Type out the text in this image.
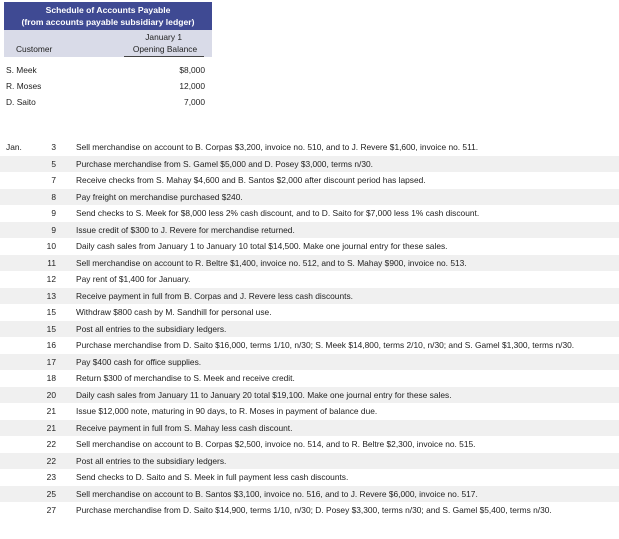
Schedule of Accounts Payable
(from accounts payable subsidiary ledger)
Customer
January 1
Opening Balance
S. Meek	$8,000
R. Moses	12,000
D. Saito	7,000
Jan.	3 Sell merchandise on account to B. Corpas $3,200, invoice no. 510, and to J. Revere $1,600, invoice no. 511.
5 Purchase merchandise from S. Gamel $5,000 and D. Posey $3,000, terms n/30.
7 Receive checks from S. Mahay $4,600 and B. Santos $2,000 after discount period has lapsed.
8 Pay freight on merchandise purchased $240.
9 Send checks to S. Meek for $8,000 less 2% cash discount, and to D. Saito for $7,000 less 1% cash discount.
9 Issue credit of $300 to J. Revere for merchandise returned.
10 Daily cash sales from January 1 to January 10 total $14,500. Make one journal entry for these sales.
11 Sell merchandise on account to R. Beltre $1,400, invoice no. 512, and to S. Mahay $900, invoice no. 513.
12 Pay rent of $1,400 for January.
13 Receive payment in full from B. Corpas and J. Revere less cash discounts.
15 Withdraw $800 cash by M. Sandhill for personal use.
15 Post all entries to the subsidiary ledgers.
16 Purchase merchandise from D. Saito $16,000, terms 1/10, n/30; S. Meek $14,800, terms 2/10, n/30; and S. Gamel $1,300, terms n/30.
17 Pay $400 cash for office supplies.
18 Return $300 of merchandise to S. Meek and receive credit.
20 Daily cash sales from January 11 to January 20 total $19,100. Make one journal entry for these sales.
21 Issue $12,000 note, maturing in 90 days, to R. Moses in payment of balance due.
21 Receive payment in full from S. Mahay less cash discount.
22 Sell merchandise on account to B. Corpas $2,500, invoice no. 514, and to R. Beltre $2,300, invoice no. 515.
22 Post all entries to the subsidiary ledgers.
23 Send checks to D. Saito and S. Meek in full payment less cash discounts.
25 Sell merchandise on account to B. Santos $3,100, invoice no. 516, and to J. Revere $6,000, invoice no. 517.
27 Purchase merchandise from D. Saito $14,900, terms 1/10, n/30; D. Posey $3,300, terms n/30; and S. Gamel $5,400, terms n/30.
